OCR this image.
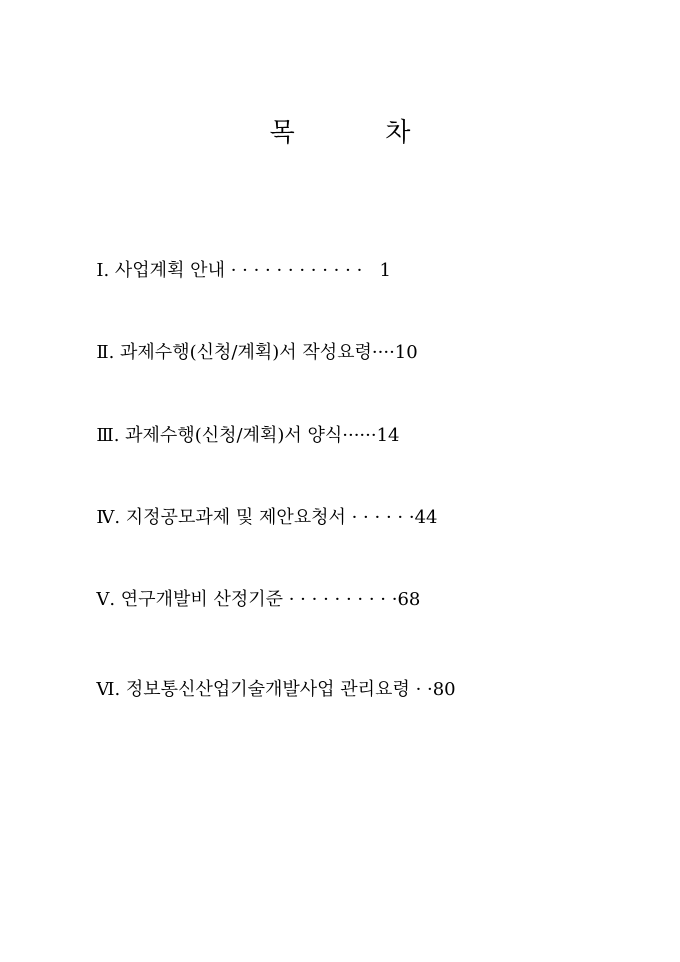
목	차

Ⅰ. 사업계획 안내 · · · · · · · · · · · ·   1

Ⅱ. 과제수행(신청/계획)서 작성요령····10

Ⅲ. 과제수행(신청/계획)서 양식······14

Ⅳ. 지정공모과제 및 제안요청서 · · · · · ·44

Ⅴ. 연구개발비 산정기준 · · · · · · · · · ·68

Ⅵ. 정보통신산업기술개발사업 관리요령 · ·80
